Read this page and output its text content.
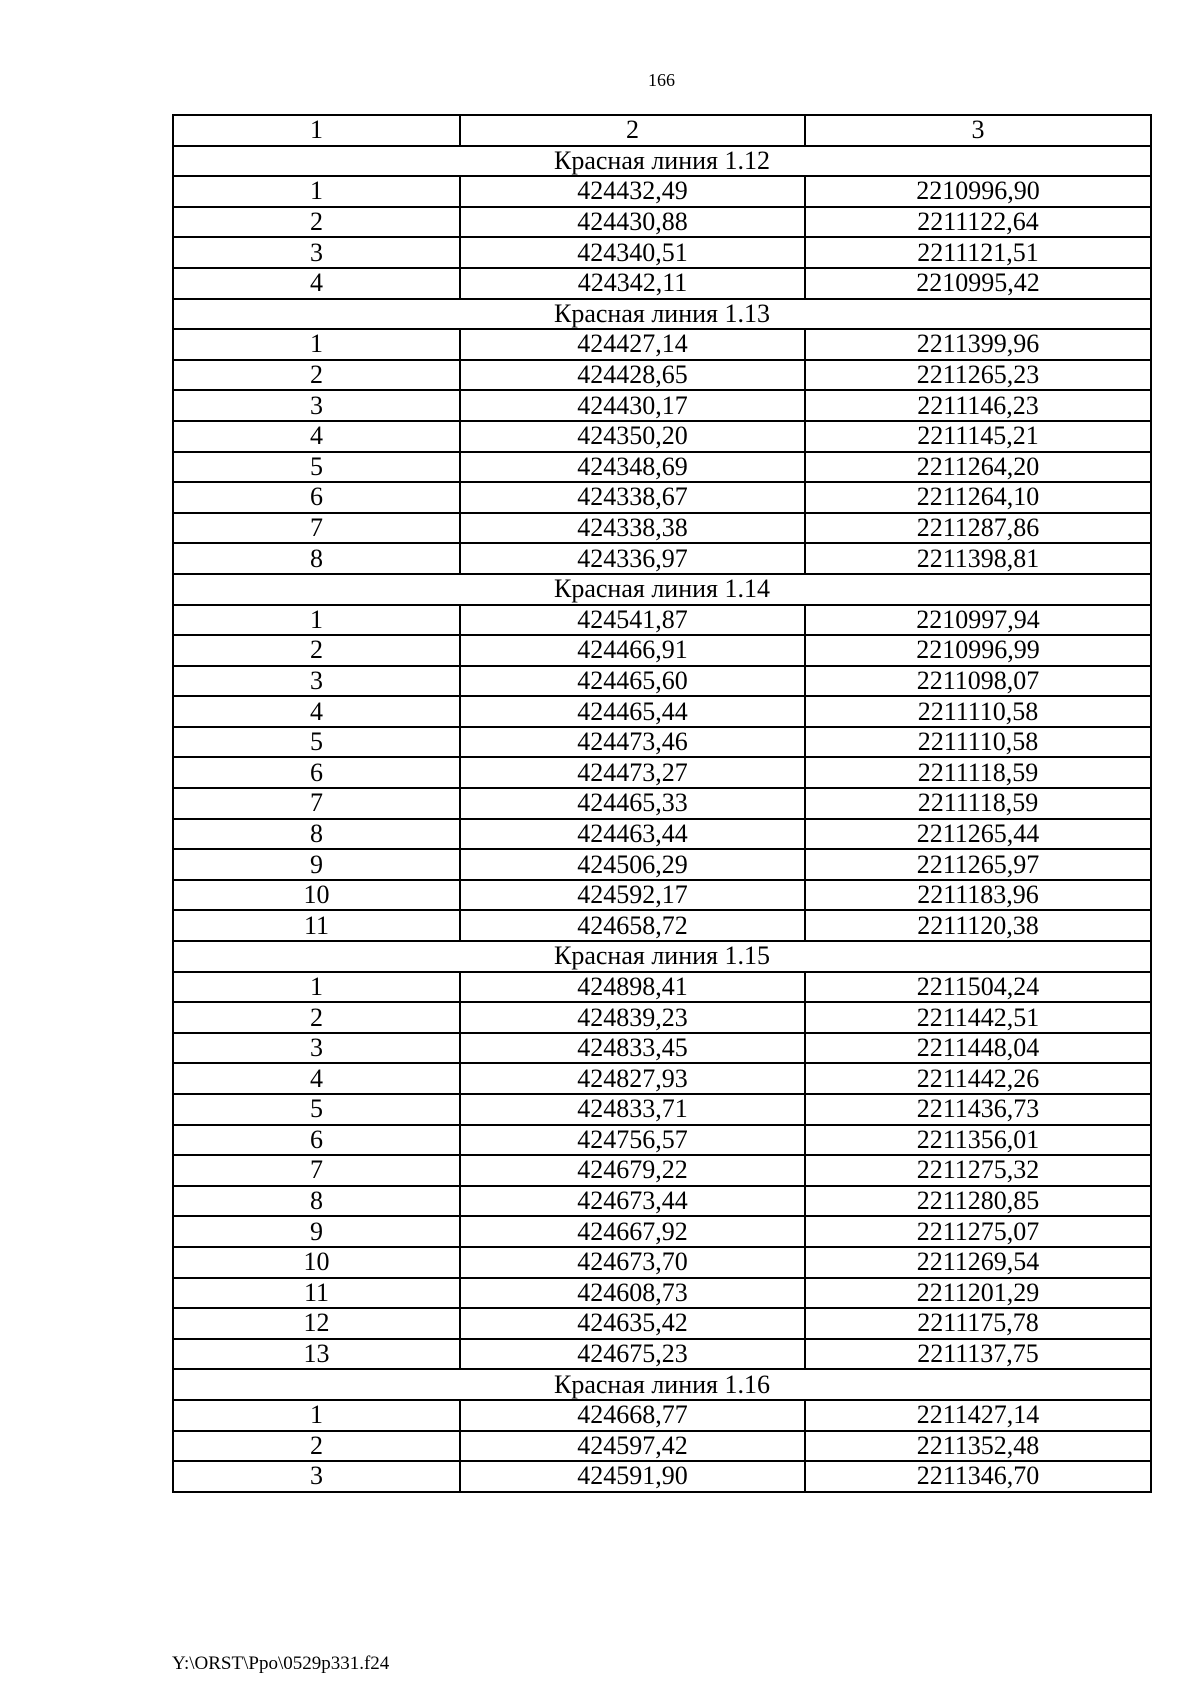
166
1	2	3
Красная линия 1.12		
1	424432,49	2210996,90
2	424430,88	2211122,64
3	424340,51	2211121,51
4	424342,11	2210995,42
Красная линия 1.13		
1	424427,14	2211399,96
2	424428,65	2211265,23
3	424430,17	2211146,23
4	424350,20	2211145,21
5	424348,69	2211264,20
6	424338,67	2211264,10
7	424338,38	2211287,86
8	424336,97	2211398,81
Красная линия 1.14		
1	424541,87	2210997,94
2	424466,91	2210996,99
3	424465,60	2211098,07
4	424465,44	2211110,58
5	424473,46	2211110,58
6	424473,27	2211118,59
7	424465,33	2211118,59
8	424463,44	2211265,44
9	424506,29	2211265,97
10	424592,17	2211183,96
11	424658,72	2211120,38
Красная линия 1.15		
1	424898,41	2211504,24
2	424839,23	2211442,51
3	424833,45	2211448,04
4	424827,93	2211442,26
5	424833,71	2211436,73
6	424756,57	2211356,01
7	424679,22	2211275,32
8	424673,44	2211280,85
9	424667,92	2211275,07
10	424673,70	2211269,54
11	424608,73	2211201,29
12	424635,42	2211175,78
13	424675,23	2211137,75
Красная линия 1.16		
1	424668,77	2211427,14
2	424597,42	2211352,48
3	424591,90	2211346,70
Y:\ORST\Ppo\0529p331.f24
